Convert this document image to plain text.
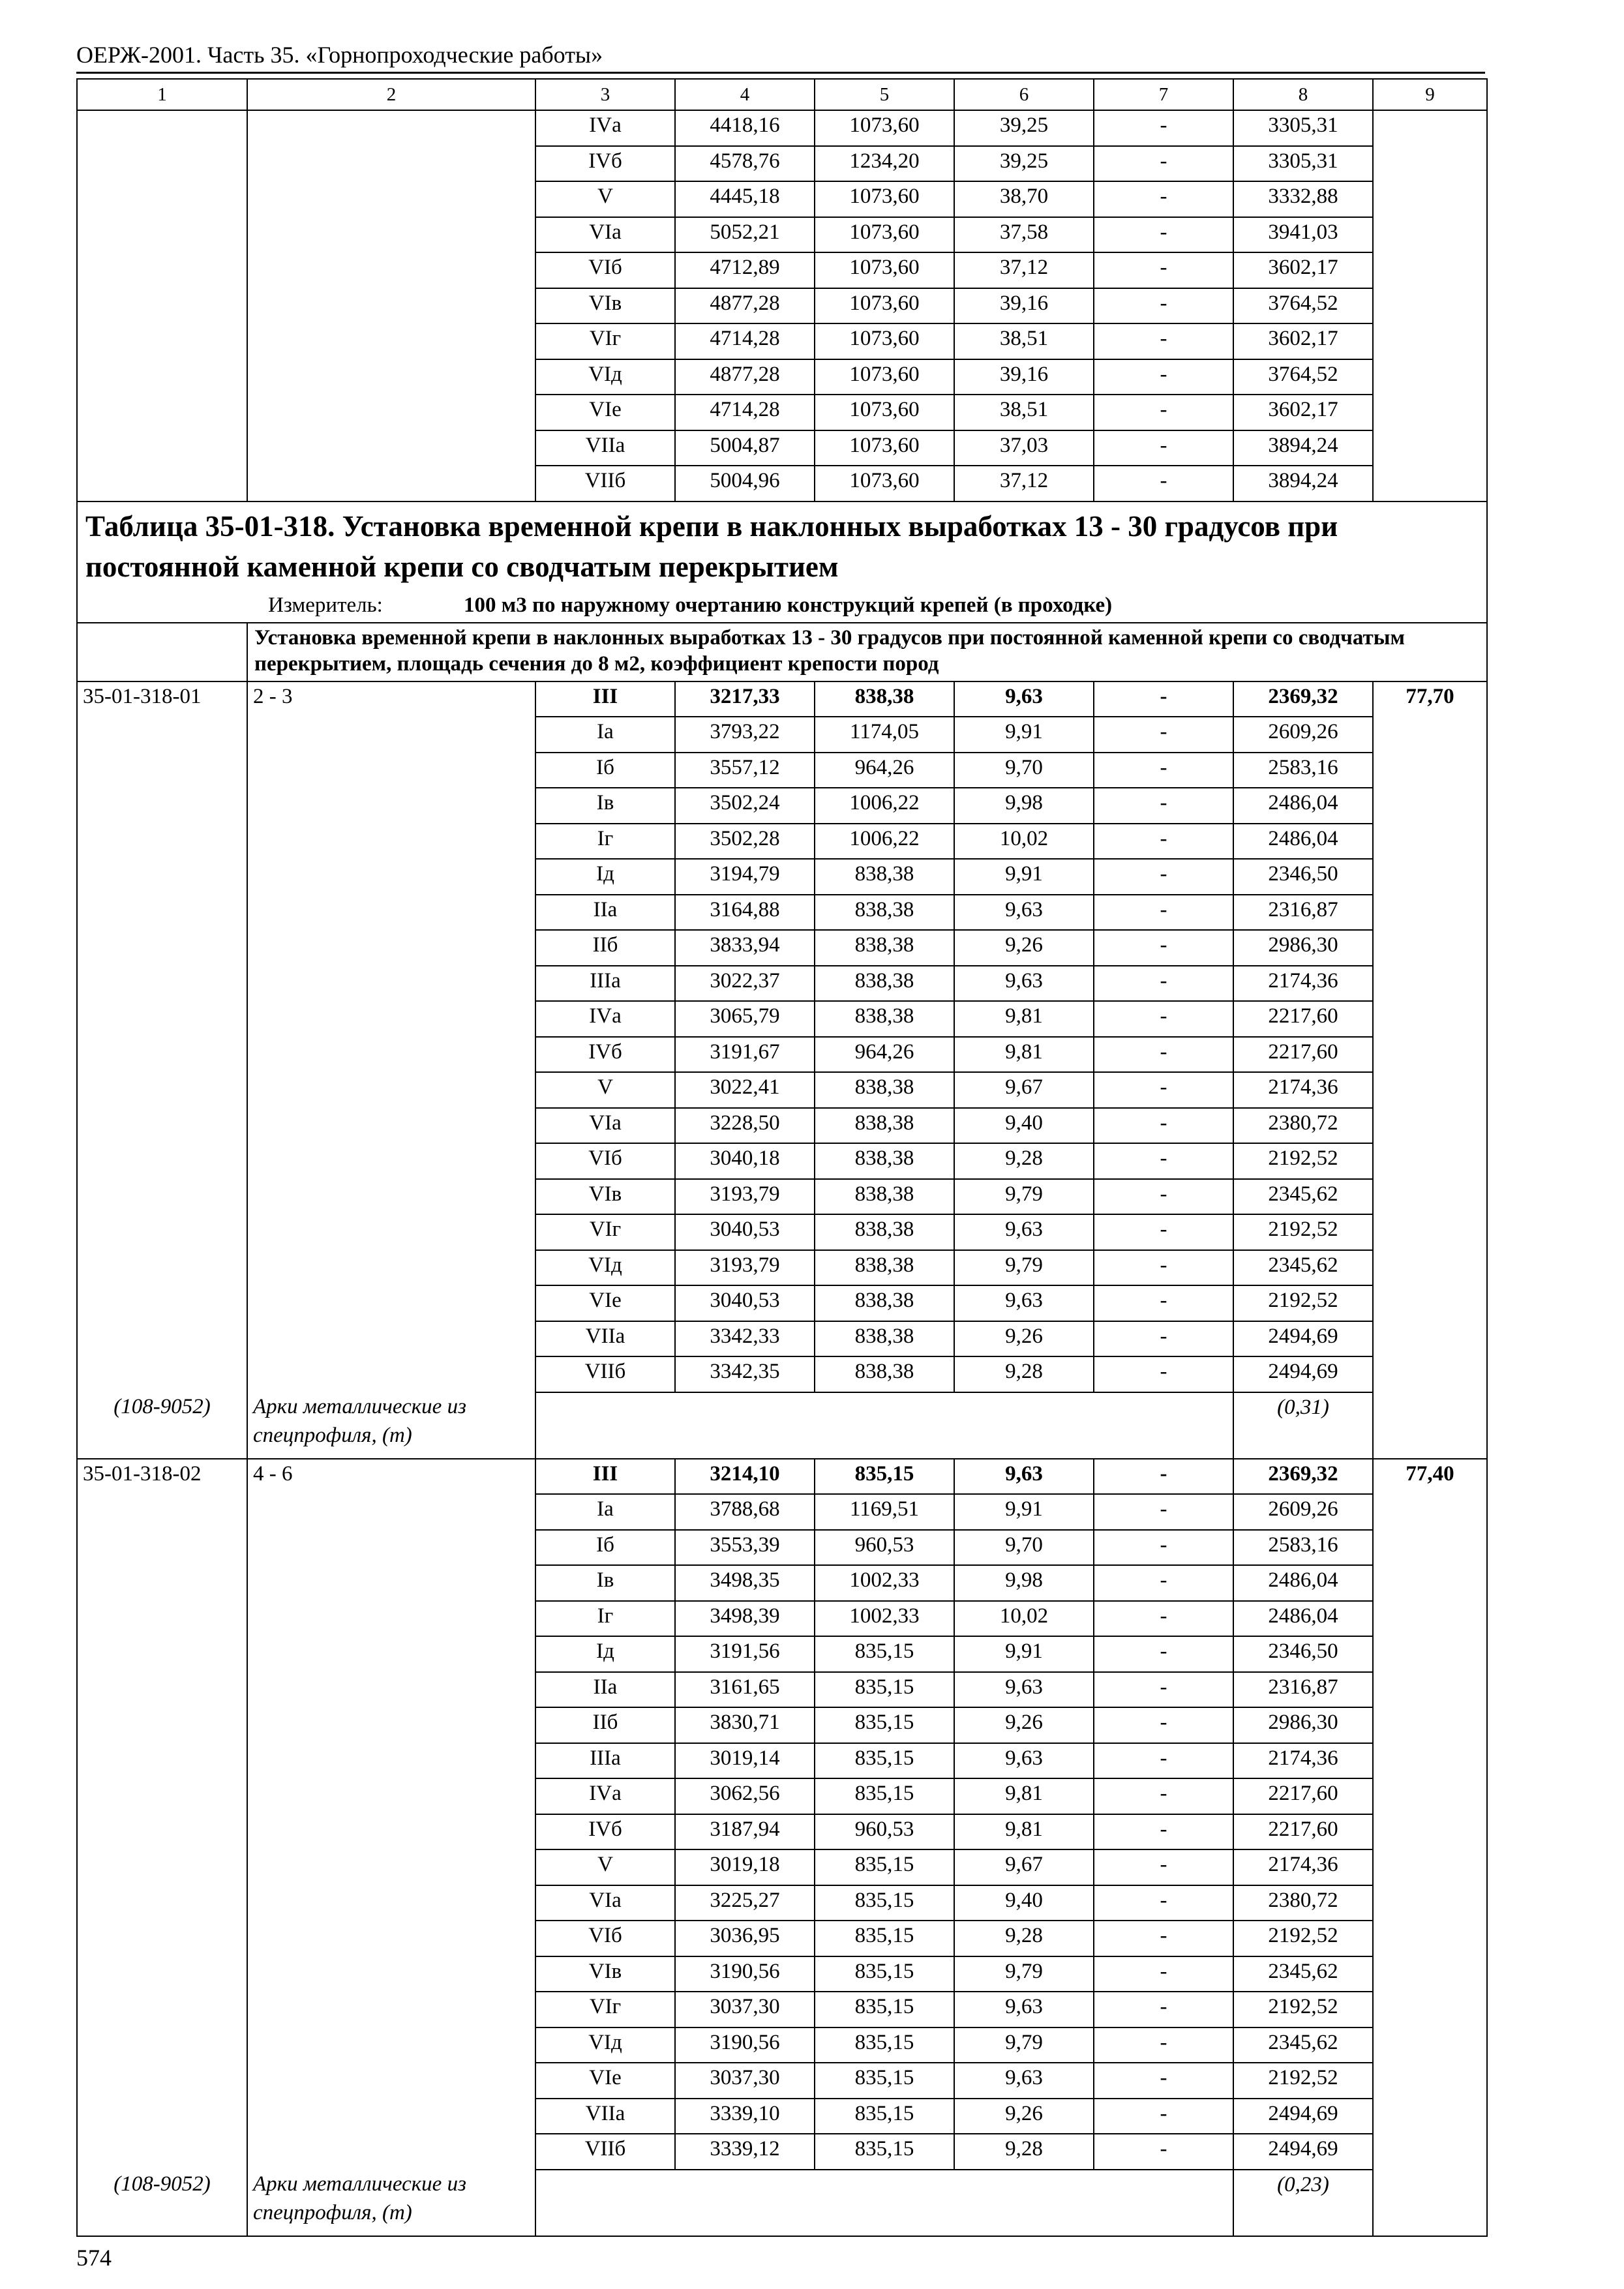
ОЕРЖ-2001. Часть 35. «Горнопроходческие работы»
1	2	3	4	5	6	7	8	9
		IVа	4418,16	1073,60	39,25	-	3305,31	
		IVб	4578,76	1234,20	39,25	-	3305,31	
		V	4445,18	1073,60	38,70	-	3332,88	
		VIа	5052,21	1073,60	37,58	-	3941,03	
		VIб	4712,89	1073,60	37,12	-	3602,17	
		VIв	4877,28	1073,60	39,16	-	3764,52	
		VIг	4714,28	1073,60	38,51	-	3602,17	
		VIд	4877,28	1073,60	39,16	-	3764,52	
		VIе	4714,28	1073,60	38,51	-	3602,17	
		VIIа	5004,87	1073,60	37,03	-	3894,24	
		VIIб	5004,96	1073,60	37,12	-	3894,24	

Таблица 35-01-318. Установка временной крепи в наклонных выработках 13 - 30 градусов при постоянной каменной крепи со сводчатым перекрытием
Измеритель: 100 м3 по наружному очертанию конструкций крепей (в проходке)								

	Установка временной крепи в наклонных выработках 13 - 30 градусов при постоянной каменной крепи со сводчатым перекрытием, площадь сечения до 8 м2, коэффициент крепости пород							
35-01-318-01	2 - 3	III	3217,33	838,38	9,63	-	2369,32	77,70
		Iа	3793,22	1174,05	9,91	-	2609,26	
		Iб	3557,12	964,26	9,70	-	2583,16	
		Iв	3502,24	1006,22	9,98	-	2486,04	
		Iг	3502,28	1006,22	10,02	-	2486,04	
		Iд	3194,79	838,38	9,91	-	2346,50	
		IIа	3164,88	838,38	9,63	-	2316,87	
		IIб	3833,94	838,38	9,26	-	2986,30	
		IIIа	3022,37	838,38	9,63	-	2174,36	
		IVа	3065,79	838,38	9,81	-	2217,60	
		IVб	3191,67	964,26	9,81	-	2217,60	
		V	3022,41	838,38	9,67	-	2174,36	
		VIа	3228,50	838,38	9,40	-	2380,72	
		VIб	3040,18	838,38	9,28	-	2192,52	
		VIв	3193,79	838,38	9,79	-	2345,62	
		VIг	3040,53	838,38	9,63	-	2192,52	
		VIд	3193,79	838,38	9,79	-	2345,62	
		VIе	3040,53	838,38	9,63	-	2192,52	
		VIIа	3342,33	838,38	9,26	-	2494,69	
		VIIб	3342,35	838,38	9,28	-	2494,69	
(108-9052)	Арки металлические из спецпрофиля, (т)						(0,31)	
35-01-318-02	4 - 6	III	3214,10	835,15	9,63	-	2369,32	77,40
		Iа	3788,68	1169,51	9,91	-	2609,26	
		Iб	3553,39	960,53	9,70	-	2583,16	
		Iв	3498,35	1002,33	9,98	-	2486,04	
		Iг	3498,39	1002,33	10,02	-	2486,04	
		Iд	3191,56	835,15	9,91	-	2346,50	
		IIа	3161,65	835,15	9,63	-	2316,87	
		IIб	3830,71	835,15	9,26	-	2986,30	
		IIIа	3019,14	835,15	9,63	-	2174,36	
		IVа	3062,56	835,15	9,81	-	2217,60	
		IVб	3187,94	960,53	9,81	-	2217,60	
		V	3019,18	835,15	9,67	-	2174,36	
		VIа	3225,27	835,15	9,40	-	2380,72	
		VIб	3036,95	835,15	9,28	-	2192,52	
		VIв	3190,56	835,15	9,79	-	2345,62	
		VIг	3037,30	835,15	9,63	-	2192,52	
		VIд	3190,56	835,15	9,79	-	2345,62	
		VIе	3037,30	835,15	9,63	-	2192,52	
		VIIа	3339,10	835,15	9,26	-	2494,69	
		VIIб	3339,12	835,15	9,28	-	2494,69	
(108-9052)	Арки металлические из спецпрофиля, (т)						(0,23)	
574
